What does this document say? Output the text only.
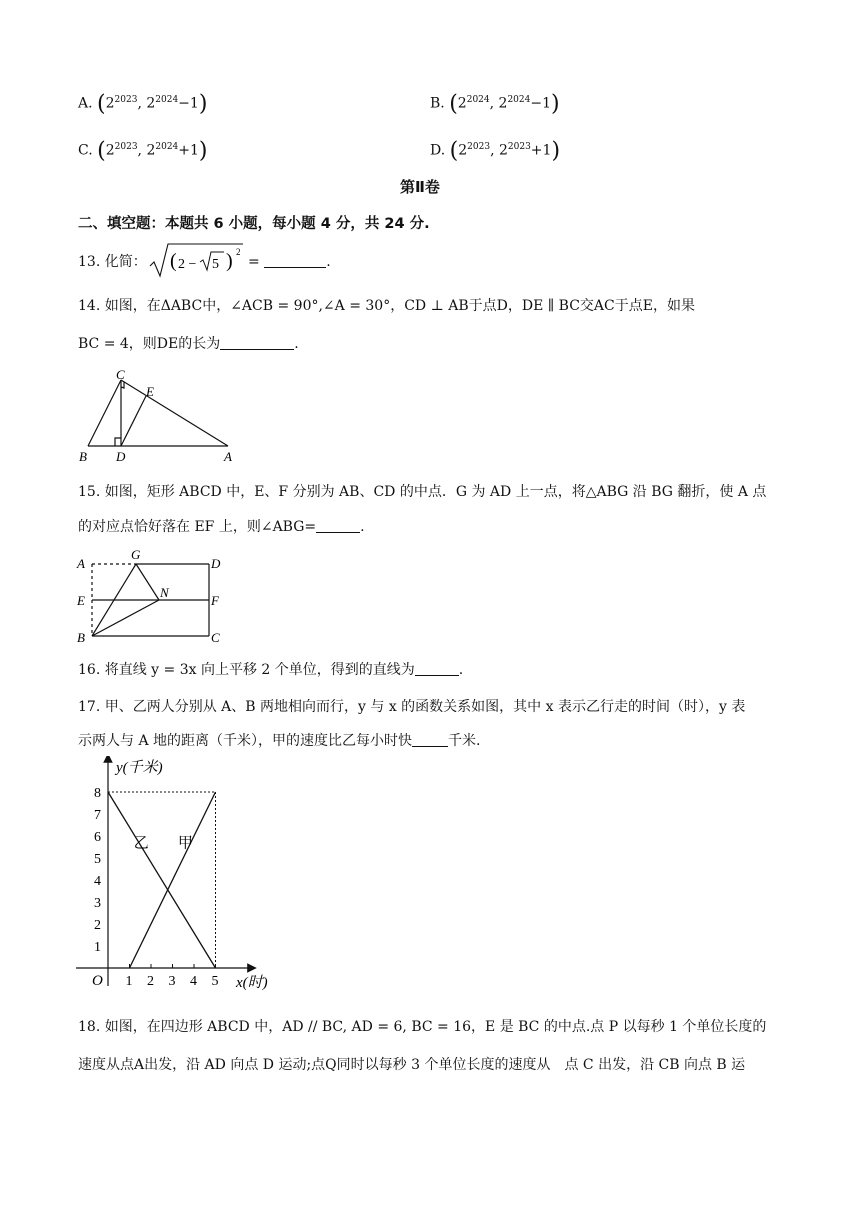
A. ($2^{2023}$, $2^{2024}-1$)	B. ($2^{2024}$, $2^{2024}-1$)
C. ($2^{2023}$, $2^{2024}+1$)	D. ($2^{2023}$, $2^{2023}+1$)
第Ⅱ卷
二、填空题：本题共 6 小题，每小题 4 分，共 24 分.
13. 化简： ( 2 − 5 ) 2
=	.
14. 如图，在ΔABC中，∠ACB = 90°,∠A = 30°，CD ⊥ AB于点D，DE ∥ BC交AC于点E，如果
BC = 4，则DE的长为	.
C
E
B D	A
15. 如图，矩形 ABCD 中，E、F 分别为 AB、CD 的中点．G 为 AD 上一点，将△ABG 沿 BG 翻折，使 A 点
的对应点恰好落在 EF 上，则∠ABG=	.
A
G
D
E
N
F
B	C
16. 将直线 y = 3x 向上平移 2 个单位，得到的直线为	.
17. 甲、乙两人分别从 A、B 两地相向而行，y 与 x 的函数关系如图，其中 x 表示乙行走的时间（时），y 表
示两人与 A 地的距离（千米），甲的速度比乙每小时快	千米.
1
2
3
4
5
6
7
8
1 2 3 4 5
乙 甲
y(千米)
x(时)
O
18. 如图，在四边形 ABCD 中，AD // BC, AD = 6, BC = 16，E 是 BC 的中点.点 P 以每秒 1 个单位长度的
速度从点A出发，沿 AD 向点 D 运动;点Q同时以每秒 3 个单位长度的速度从　点 C 出发，沿 CB 向点 B 运
